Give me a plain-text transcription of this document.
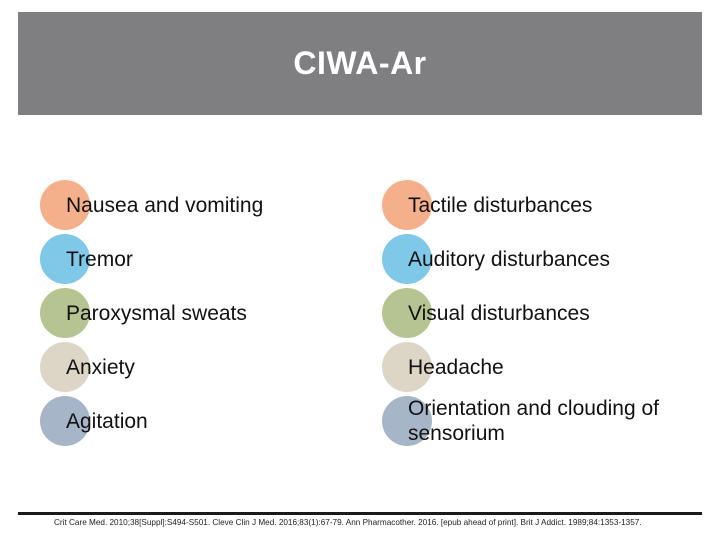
CIWA-Ar
Nausea and vomiting
Tremor
Paroxysmal sweats
Anxiety
Agitation
Tactile disturbances
Auditory disturbances
Visual disturbances
Headache
Orientation and clouding of sensorium
Crit Care Med. 2010;38[Suppl]:S494-S501. Cleve Clin J Med. 2016;83(1):67-79. Ann Pharmacother. 2016. [epub ahead of print]. Brit J Addict. 1989;84:1353-1357.
